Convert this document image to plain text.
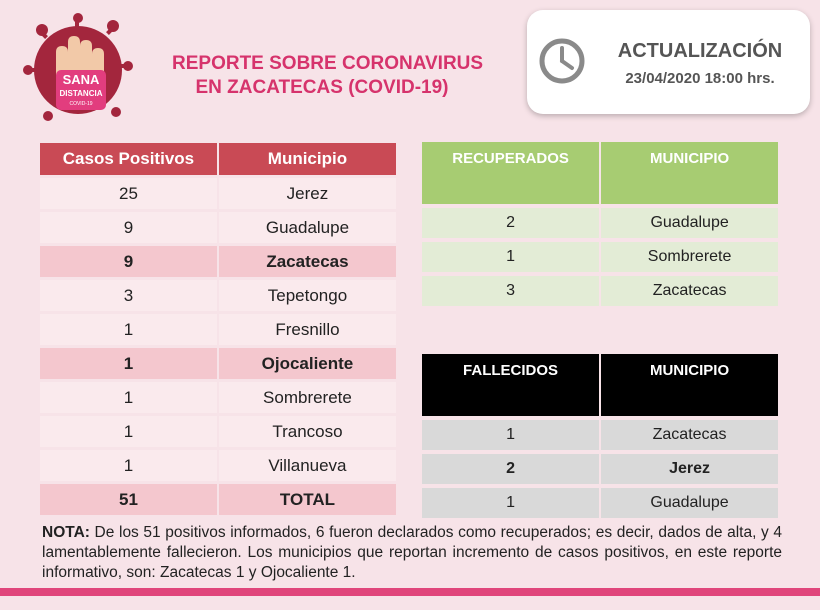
SANA
DISTANCIA
COVID-19
REPORTE SOBRE CORONAVIRUS
EN ZACATECAS (COVID-19)
ACTUALIZACIÓN
23/04/2020 18:00 hrs.
Casos Positivos	Municipio
25	Jerez
9	Guadalupe
9	Zacatecas
3	Tepetongo
1	Fresnillo
1	Ojocaliente
1	Sombrerete
1	Trancoso
1	Villanueva
51	TOTAL
RECUPERADOS	MUNICIPIO
2	Guadalupe
1	Sombrerete
3	Zacatecas
FALLECIDOS	MUNICIPIO
1	Zacatecas
2	Jerez
1	Guadalupe
NOTA: De los 51 positivos informados, 6 fueron declarados como recuperados; es decir, dados de alta, y 4 lamentablemente fallecieron. Los municipios que reportan incremento de casos positivos, en este reporte informativo, son: Zacatecas 1 y Ojocaliente 1.
